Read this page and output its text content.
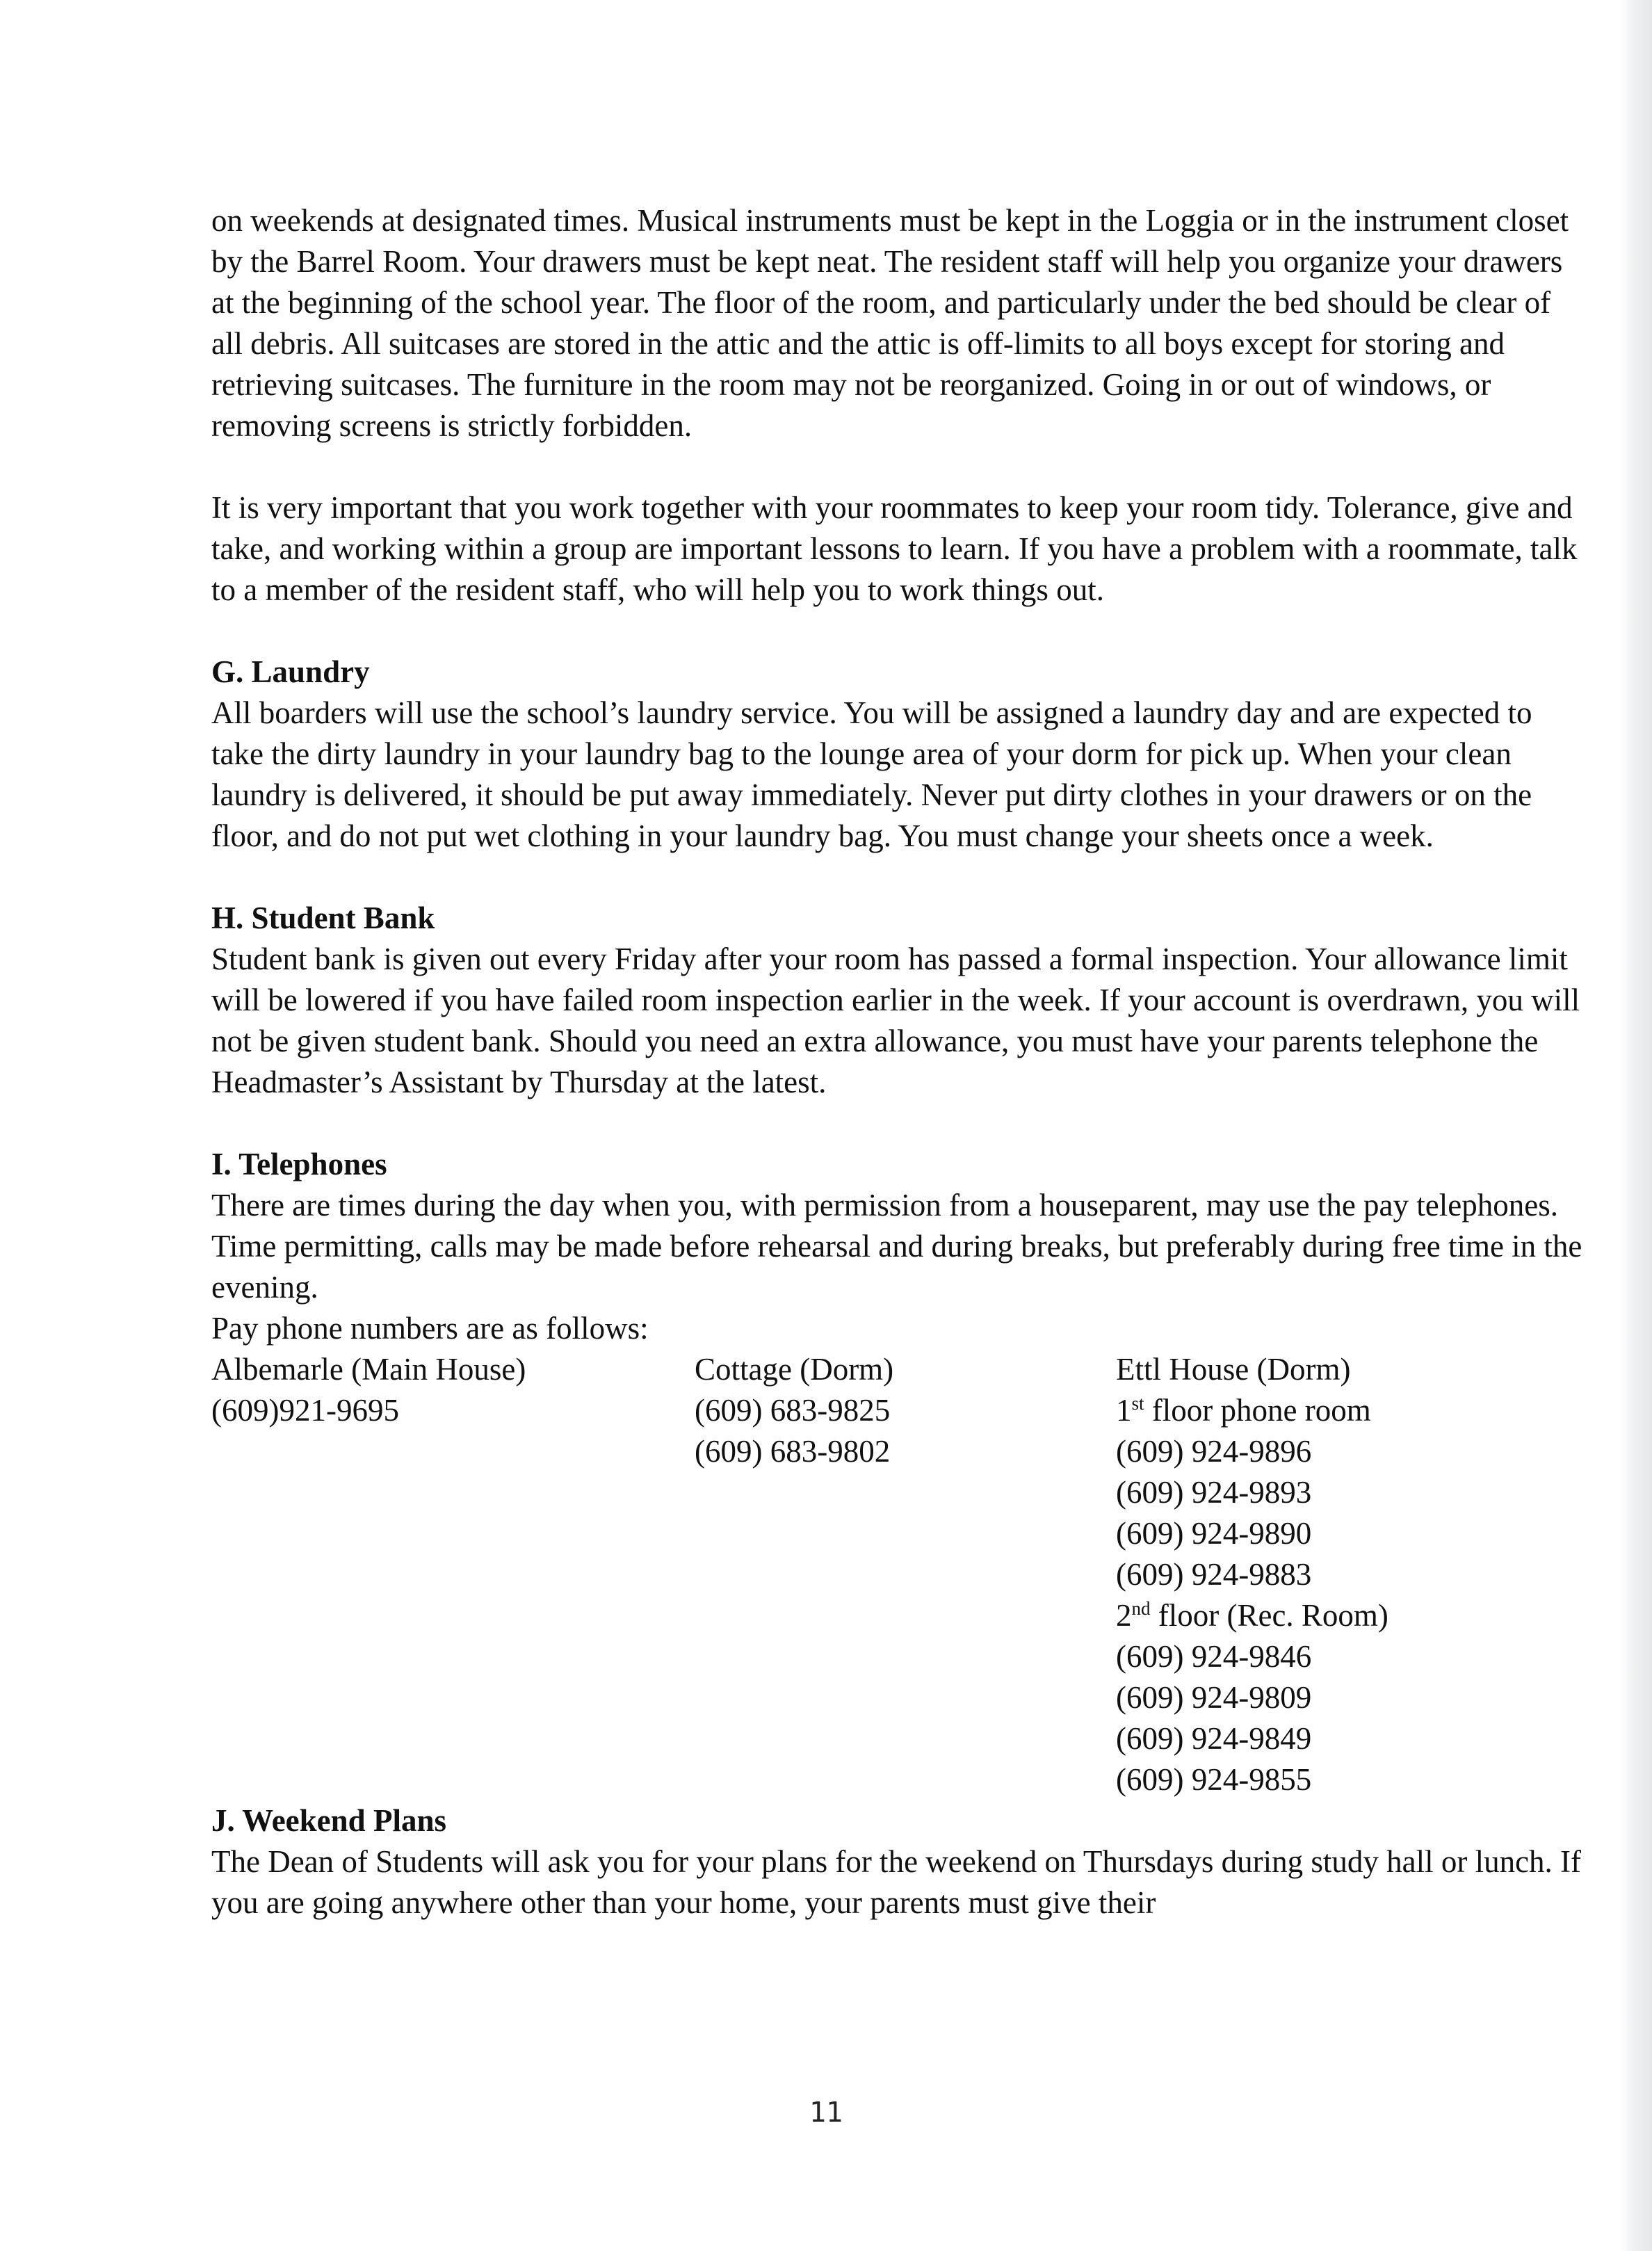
on weekends at designated times. Musical instruments must be kept in the Loggia or in the instrument closet by the Barrel Room. Your drawers must be kept neat. The resident staff will help you organize your drawers at the beginning of the school year. The floor of the room, and particularly under the bed should be clear of all debris. All suitcases are stored in the attic and the attic is off-limits to all boys except for storing and retrieving suitcases. The furniture in the room may not be reorganized. Going in or out of windows, or removing screens is strictly forbidden.

It is very important that you work together with your roommates to keep your room tidy. Tolerance, give and take, and working within a group are important lessons to learn. If you have a problem with a roommate, talk to a member of the resident staff, who will help you to work things out.

G. Laundry

All boarders will use the school’s laundry service. You will be assigned a laundry day and are expected to take the dirty laundry in your laundry bag to the lounge area of your dorm for pick up. When your clean laundry is delivered, it should be put away immediately. Never put dirty clothes in your drawers or on the floor, and do not put wet clothing in your laundry bag. You must change your sheets once a week.

H. Student Bank

Student bank is given out every Friday after your room has passed a formal inspection. Your allowance limit will be lowered if you have failed room inspection earlier in the week. If your account is overdrawn, you will not be given student bank. Should you need an extra allowance, you must have your parents telephone the Headmaster’s Assistant by Thursday at the latest.

I. Telephones

There are times during the day when you, with permission from a houseparent, may use the pay telephones. Time permitting, calls may be made before rehearsal and during breaks, but preferably during free time in the evening.

Pay phone numbers are as follows:
Albemarle (Main House)
(609)921-9695
Cottage (Dorm)
(609) 683-9825
(609) 683-9802
Ettl House (Dorm)
1st floor phone room
(609) 924-9896
(609) 924-9893
(609) 924-9890
(609) 924-9883
2nd floor (Rec. Room)
(609) 924-9846
(609) 924-9809
(609) 924-9849
(609) 924-9855
J. Weekend Plans

The Dean of Students will ask you for your plans for the weekend on Thursdays during study hall or lunch. If you are going anywhere other than your home, your parents must give their

11
